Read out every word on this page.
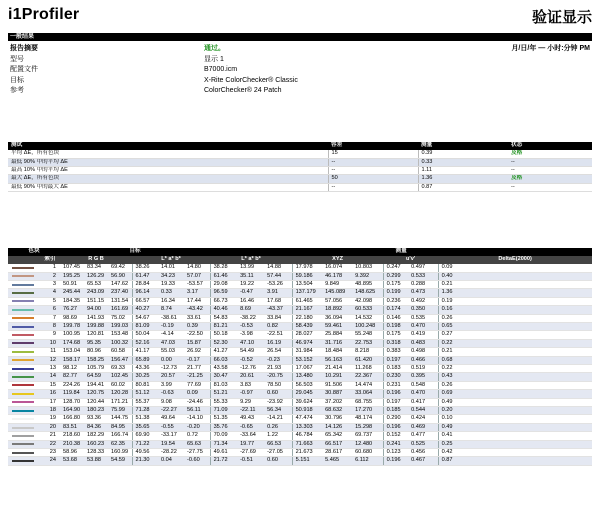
i1Profiler	验证显示
一般结果
报告摘要	通过。	月/日/年 — 小时:分钟 PM
型号	显示 1
配置文件	B7000.icm
目标	X-Rite ColorChecker® Classic
参考	ColorChecker® 24 Patch
测试	容差	测量	状态
平均 ΔE，所有色块	15	0.39	及格
最低 90% 中的平均 ΔE	--	0.33	--
最高 10% 中的平均 ΔE	--	1.11	--
最大 ΔE，所有色块	50	1.36	及格
最低 90% 中的最大 ΔE	--	0.87	--
色块		目标						测量								
	索引	R G B			L* a* b*			L* a* b*			XYZ			u'v'		DeltaE(2000)

	1	107.45	83.34	69.42	38.26	14.01	14.80	38.28	13.99	14.88	17.978	16.074	10.803	0.247	0.497	0.09

	2	195.25	126.29	56.90	61.47	34.23	57.07	61.46	35.11	57.44	59.186	46.178	9.392	0.299	0.533	0.40

	3	50.91	65.53	147.62	28.84	19.33	-53.57	29.08	19.22	-53.26	13.504	9.849	48.895	0.175	0.288	0.21

	4	245.44	243.09	237.40	96.14	0.33	3.17	96.59	-0.47	3.91	137.179	145.089	148.625	0.199	0.473	1.36

	5	184.35	151.15	131.54	66.57	16.34	17.44	66.73	16.46	17.68	61.465	57.056	42.098	0.236	0.492	0.19

	6	76.27	94.00	161.69	40.27	8.74	-43.42	40.46	8.69	-43.37	21.167	18.892	60.533	0.174	0.350	0.16

	7	98.69	141.93	75.02	54.67	-38.61	33.61	54.83	-38.22	33.84	22.180	36.094	14.532	0.146	0.535	0.26

	8	199.78	199.88	199.03	81.09	-0.19	0.39	81.21	-0.53	0.82	58.439	59.461	100.248	0.198	0.470	0.65

	9	100.95	120.81	153.48	50.04	-4.14	-22.50	50.18	-3.98	-22.51	28.027	25.884	55.248	0.175	0.419	0.27

	10	174.68	95.35	100.32	52.16	47.03	15.87	52.30	47.10	16.19	46.974	31.716	22.753	0.318	0.483	0.22

	11	153.04	80.96	60.58	41.17	55.03	26.92	41.27	54.49	26.54	31.984	18.484	8.218	0.383	0.498	0.21

	12	158.17	158.25	156.47	65.89	0.00	-0.17	66.03	-0.52	-0.23	53.152	56.163	61.420	0.197	0.466	0.68

	13	98.12	105.79	69.33	43.36	-12.73	21.77	43.58	-12.76	21.93	17.067	21.414	11.268	0.183	0.519	0.22

	14	82.77	64.59	102.45	30.25	20.57	-21.25	30.47	20.61	-20.75	13.480	10.291	22.367	0.230	0.395	0.43

	15	224.26	194.41	60.02	80.81	3.99	77.69	81.03	3.83	78.50	56.503	91.506	14.474	0.231	0.548	0.26

	16	119.84	120.75	120.28	51.12	-0.63	0.09	51.21	-0.97	0.60	29.045	30.887	33.064	0.196	0.470	0.69

	17	128.70	120.44	171.21	55.37	9.08	-24.46	55.33	9.29	-23.92	39.624	37.202	68.755	0.197	0.417	0.49

	18	164.90	180.23	75.99	71.28	-22.27	56.11	71.09	-22.11	56.34	50.918	68.632	17.270	0.185	0.544	0.20

	19	166.80	93.36	144.75	51.38	49.64	-14.10	51.35	49.43	-14.21	47.474	30.796	48.174	0.290	0.424	0.10

	20	83.51	84.36	84.95	35.65	-0.55	-0.20	35.76	-0.65	0.26	13.303	14.126	15.298	0.196	0.469	0.49

	21	218.60	182.29	166.74	69.90	-33.17	0.72	70.09	-33.64	1.22	46.784	65.342	69.737	0.152	0.477	0.41

	22	210.38	160.23	62.35	71.22	19.54	65.63	71.34	19.77	66.53	71.663	66.517	12.480	0.241	0.525	0.25

	23	58.96	128.33	160.99	49.56	-28.22	-27.75	49.61	-27.69	-27.05	21.673	28.617	60.680	0.123	0.456	0.42

	24	53.68	53.88	54.59	21.30	0.04	-0.60	21.72	-0.51	0.60	5.151	5.465	6.112	0.196	0.467	0.87
